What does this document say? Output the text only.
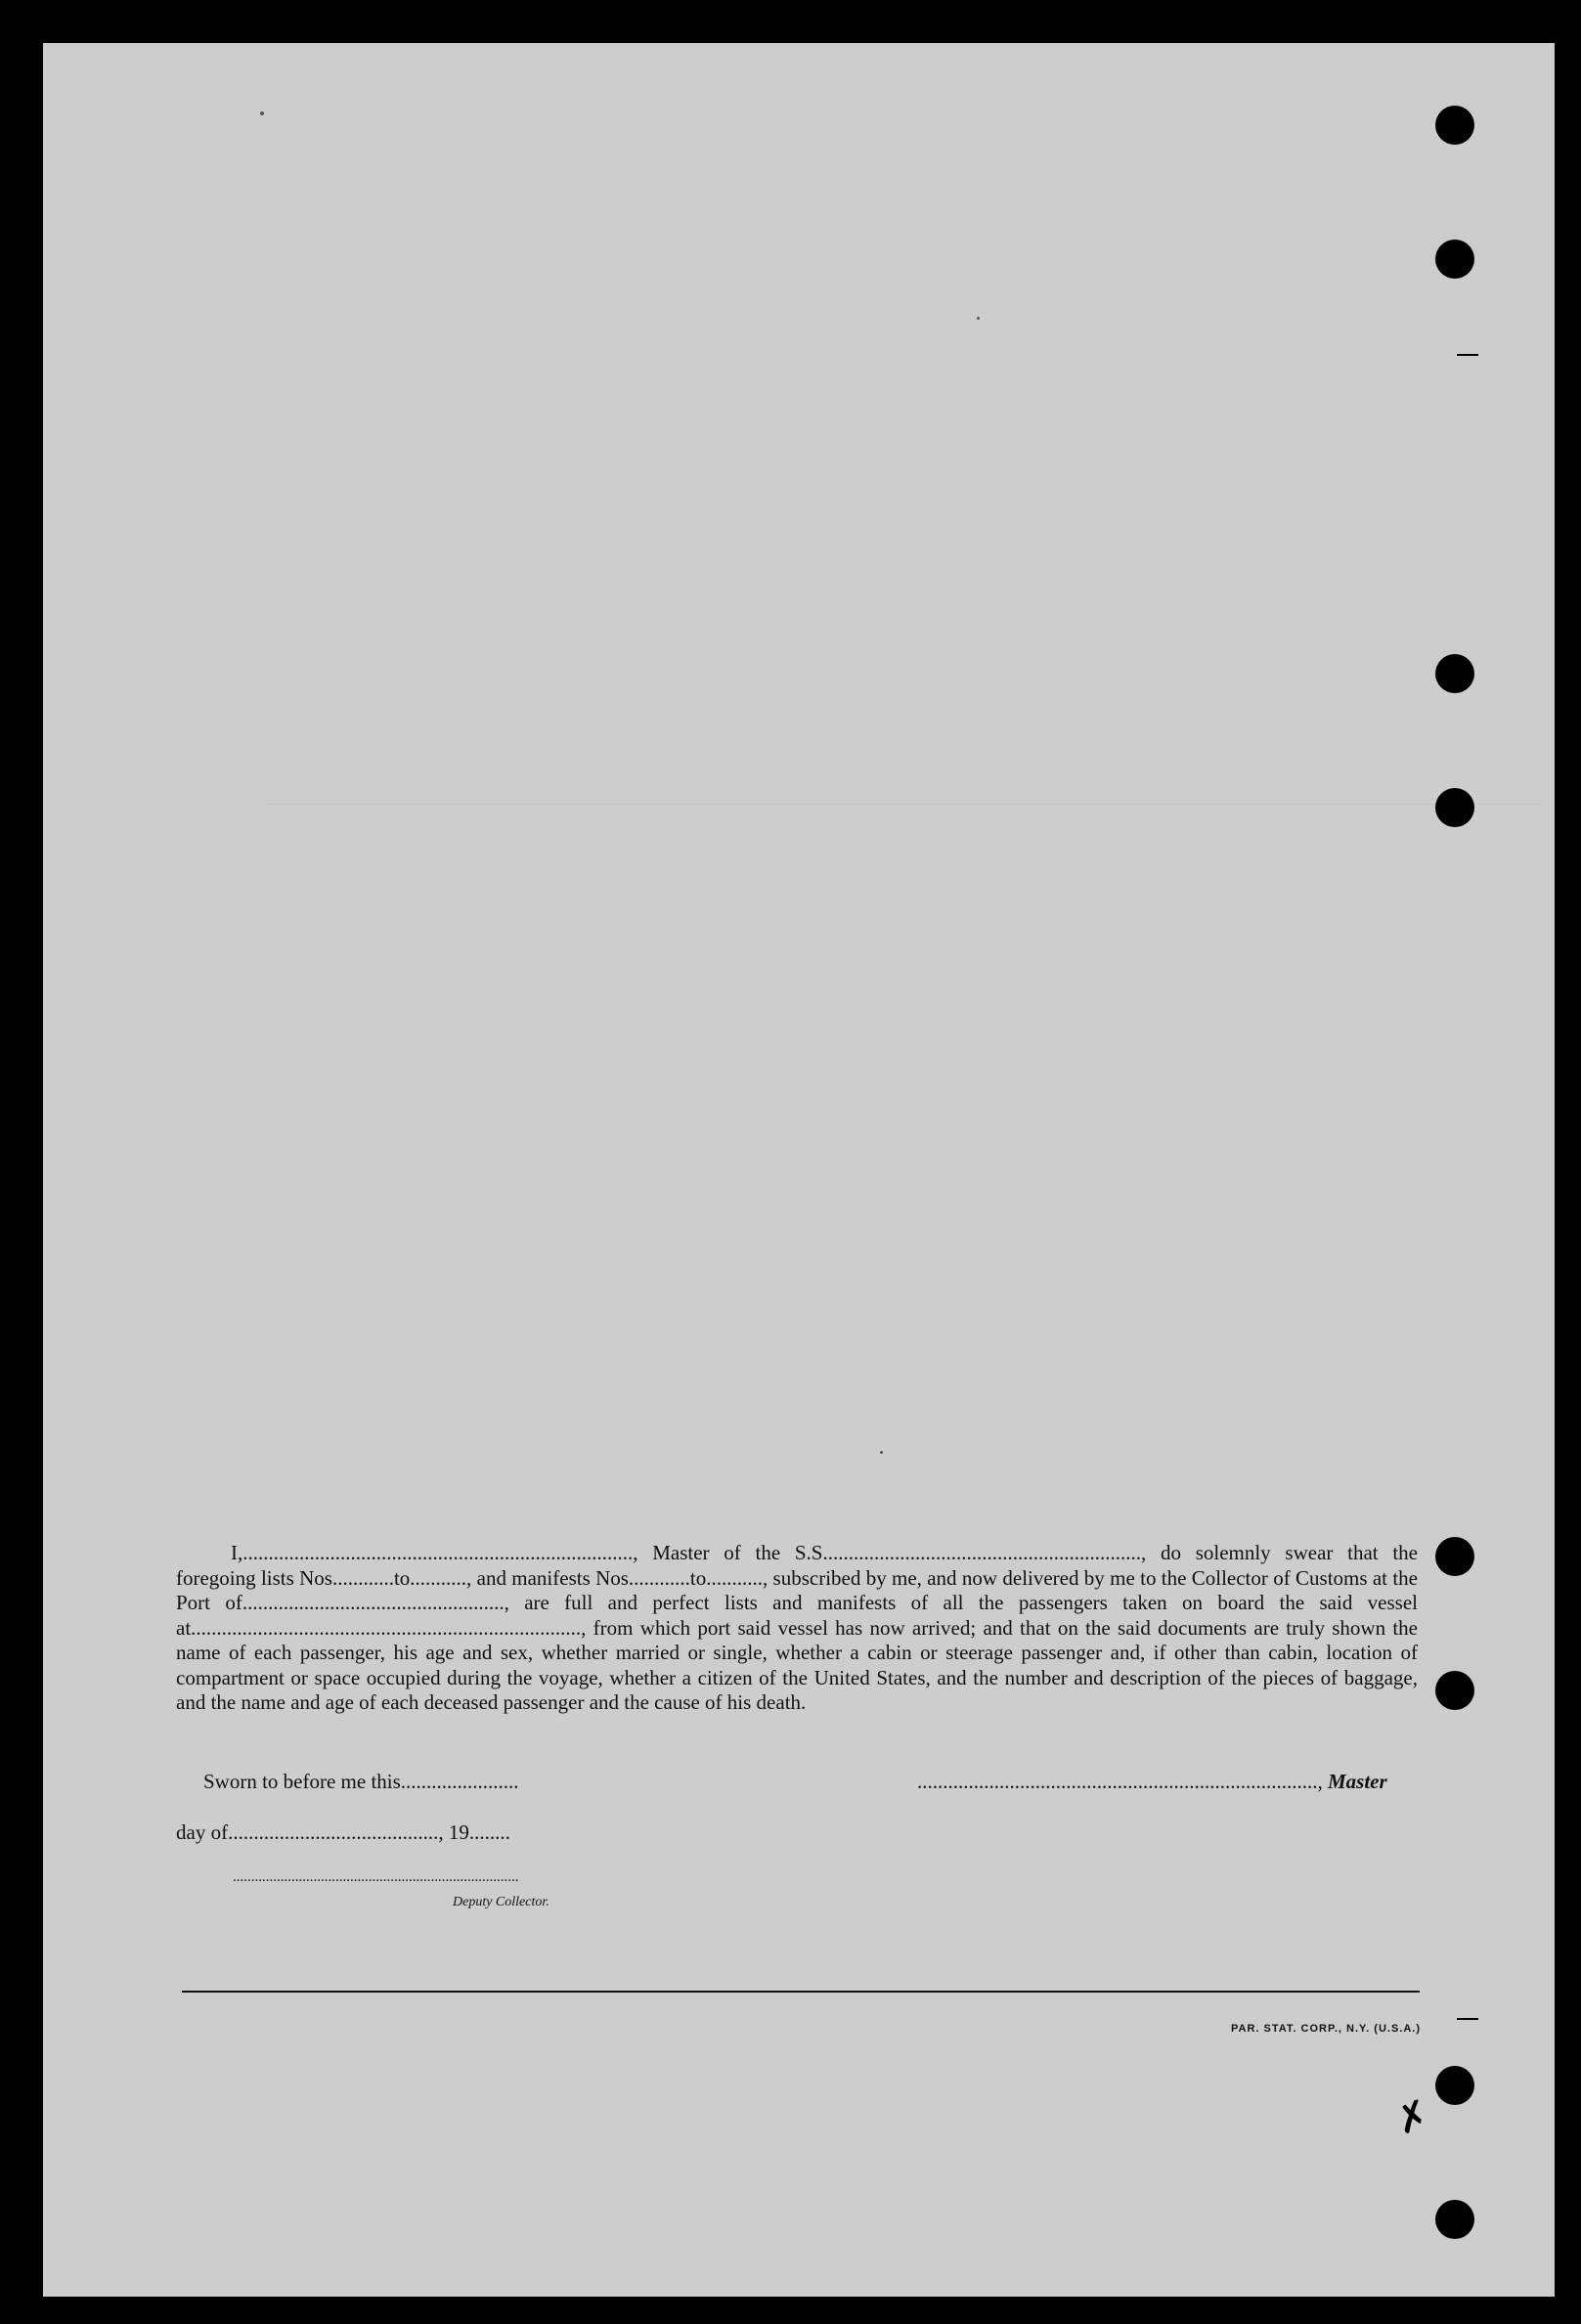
I,............................................................................, Master of the S.S.............................................................., do solemnly swear that the foregoing lists Nos............to..........., and manifests Nos............to..........., subscribed by me, and now delivered by me to the Collector of Customs at the Port of..................................................., are full and perfect lists and manifests of all the passengers taken on board the said vessel at............................................................................, from which port said vessel has now arrived; and that on the said documents are truly shown the name of each passenger, his age and sex, whether married or single, whether a cabin or steerage passenger and, if other than cabin, location of compartment or space occupied during the voyage, whether a citizen of the United States, and the number and description of the pieces of baggage, and the name and age of each deceased passenger and the cause of his death.

Sworn to before me this.......................	.............................................................................., Master
day of........................................., 19........
..............................................................................
Deputy Collector.
PAR. STAT. CORP., N.Y. (U.S.A.)
✗
